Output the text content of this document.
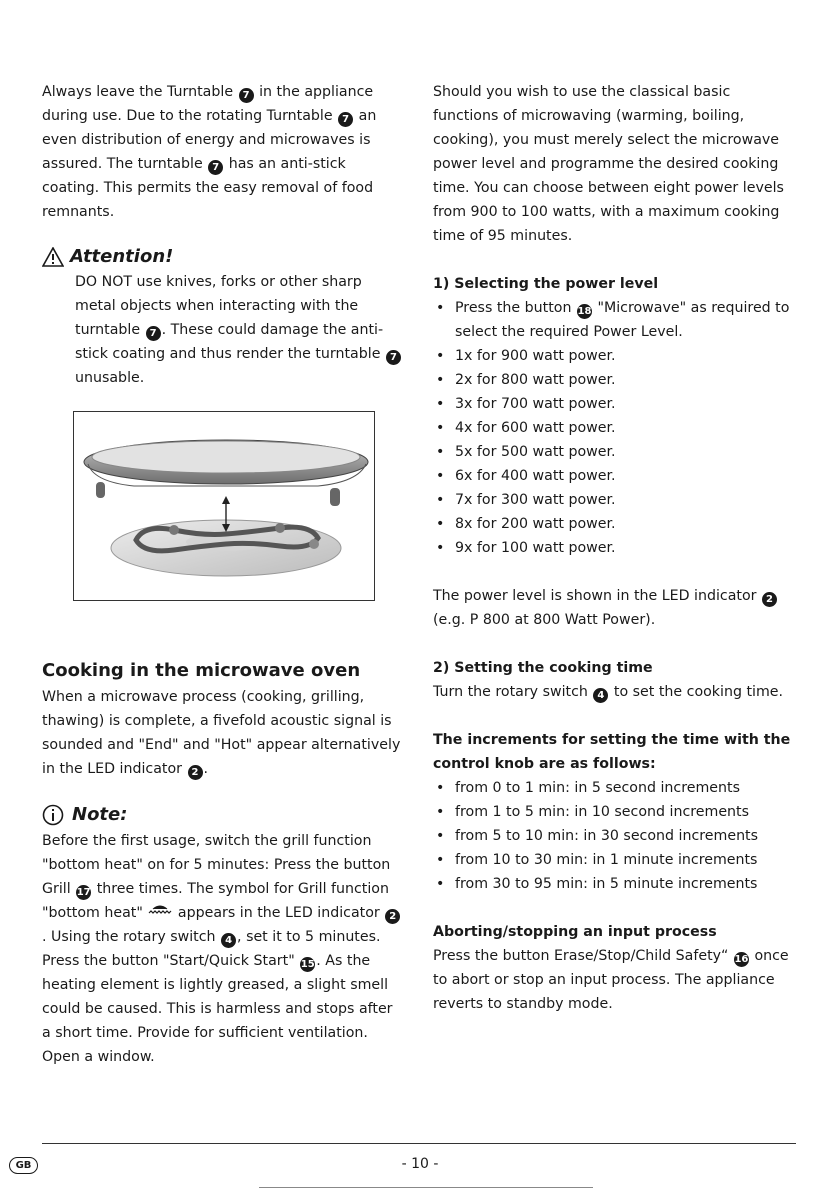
Always leave the Turntable 7 in the appliance during use. Due to the rotating Turntable 7 an even distribution of energy and microwaves is assured. The turntable 7 has an anti-stick coating. This permits the easy removal of food remnants.

Attention!

DO NOT use knives, forks or other sharp metal objects when interacting with the turntable 7 . These could damage the anti-stick coating and thus render the turntable 7 unusable.

Cooking in the microwave oven

When a microwave process (cooking, grilling, thawing) is complete, a fivefold acoustic signal is sounded and "End" and "Hot" appear alternatively in the LED indicator 2 .

Note:

Before the first usage, switch the grill function "bottom heat" on for 5 minutes: Press the button Grill 17 three times. The symbol for Grill function "bottom heat" appears in the LED indicator 2. Using the rotary switch 4 , set it to 5 minutes. Press the button "Start/Quick Start" 15 . As the heating element is lightly greased, a slight smell could be caused. This is harmless and stops after a short time. Provide for sufficient ventilation. Open a window.

Should you wish to use the classical basic functions of microwaving (warming, boiling, cooking), you must merely select the microwave power level and programme the desired cooking time. You can choose between eight power levels from 900 to 100 watts, with a maximum cooking time of 95 minutes.

1) Selecting the power level
• Press the button 18 "Microwave" as required to select the required Power Level.
• 1x for 900 watt power.
• 2x for 800 watt power.
• 3x for 700 watt power.
• 4x for 600 watt power.
• 5x for 500 watt power.
• 6x for 400 watt power.
• 7x for 300 watt power.
• 8x for 200 watt power.
• 9x for 100 watt power.

The power level is shown in the LED indicator 2 (e.g. P 800 at 800 Watt Power).

2) Setting the cooking time

Turn the rotary switch 4 to set the cooking time.

The increments for setting the time with the control knob are as follows:
• from 0 to 1 min: in 5 second increments
• from 1 to 5 min: in 10 second increments
• from 5 to 10 min: in 30 second increments
• from 10 to 30 min: in 1 minute increments
• from 30 to 95 min: in 5 minute increments
Aborting/stopping an input process

Press the button Erase/Stop/Child Safety“ 16 once to abort or stop an input process. The appliance reverts to standby mode.

GB	- 10 -
